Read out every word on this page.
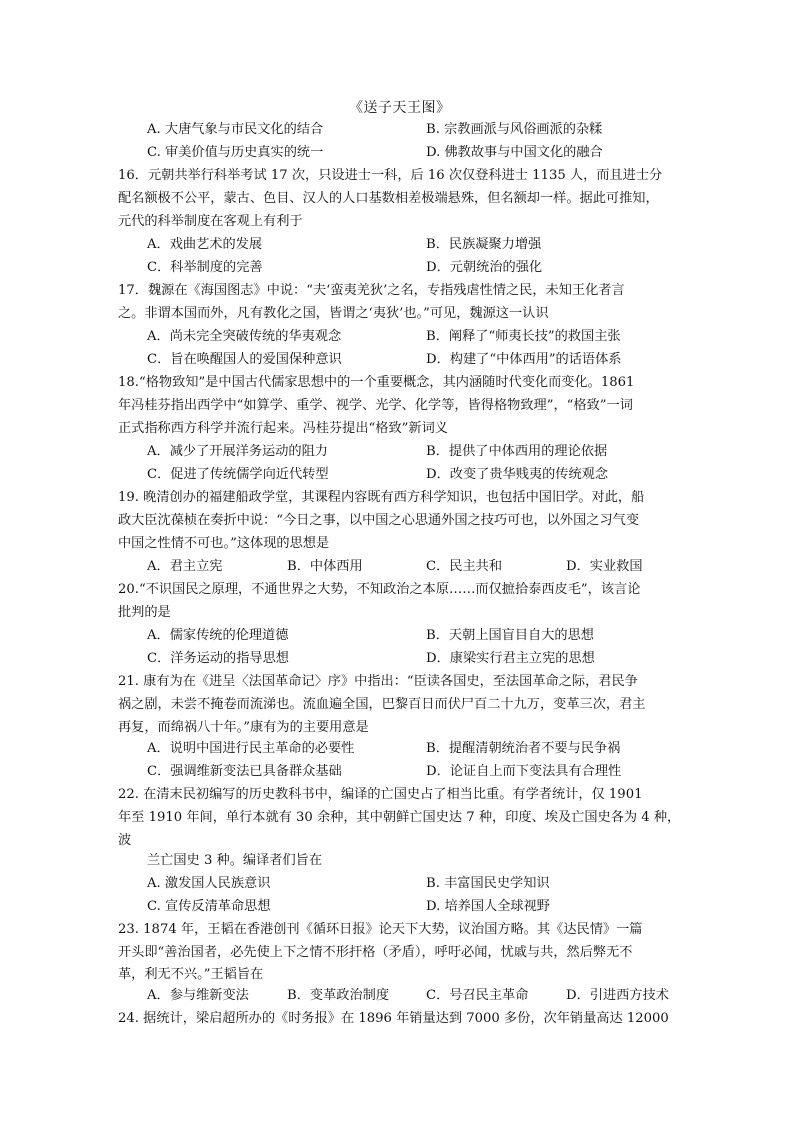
《送子天王图》
A. 大唐气象与市民文化的结合	B. 宗教画派与风俗画派的杂糅
C. 审美价值与历史真实的统一	D. 佛教故事与中国文化的融合
16．元朝共举行科举考试 17 次，只设进士一科，后 16 次仅登科进士 1135 人，而且进士分
配名额极不公平，蒙古、色目、汉人的人口基数相差极端悬殊，但名额却一样。据此可推知，
元代的科举制度在客观上有利于
A．戏曲艺术的发展	B．民族凝聚力增强
C．科举制度的完善	D．元朝统治的强化
17．魏源在《海国图志》中说：“夫‘蛮夷羌狄’之名，专指残虐性情之民，未知王化者言
之。非谓本国而外，凡有教化之国，皆谓之‘夷狄’也。”可见，魏源这一认识
A．尚未完全突破传统的华夷观念	B．阐释了“师夷长技”的救国主张
C．旨在唤醒国人的爱国保种意识	D．构建了“中体西用”的话语体系
18.“格物致知”是中国古代儒家思想中的一个重要概念，其内涵随时代变化而变化。1861
年冯桂芬指出西学中“如算学、重学、视学、光学、化学等，皆得格物致理”，“格致”一词
正式指称西方科学并流行起来。冯桂芬提出“格致”新词义
A．减少了开展洋务运动的阻力	B．提供了中体西用的理论依据
C．促进了传统儒学向近代转型	D．改变了贵华贱夷的传统观念
19. 晚清创办的福建船政学堂，其课程内容既有西方科学知识，也包括中国旧学。对此，船
政大臣沈葆桢在奏折中说：“今日之事，以中国之心思通外国之技巧可也，以外国之习气变
中国之性情不可也。”这体现的思想是
A．君主立宪	B．中体西用	C．民主共和	D．实业救国
20.“不识国民之原理，不通世界之大势，不知政治之本原……而仅摭拾泰西皮毛”，该言论
批判的是
A．儒家传统的伦理道德	B．天朝上国盲目自大的思想
C．洋务运动的指导思想	D．康梁实行君主立宪的思想
21. 康有为在《进呈〈法国革命记〉序》中指出：“臣读各国史，至法国革命之际，君民争
祸之剧，未尝不掩卷而流涕也。流血遍全国，巴黎百日而伏尸百二十九万，变革三次，君主
再复，而绵祸八十年。”康有为的主要用意是
A．说明中国进行民主革命的必要性	B．提醒清朝统治者不要与民争祸
C．强调维新变法已具备群众基础	D．论证自上而下变法具有合理性
22. 在清末民初编写的历史教科书中，编译的亡国史占了相当比重。有学者统计，仅 1901
年至 1910 年间，单行本就有 30 余种，其中朝鲜亡国史达 7 种，印度、埃及亡国史各为 4 种，
波
兰亡国史 3 种。编译者们旨在
A. 激发国人民族意识	B. 丰富国民史学知识
C. 宣传反清革命思想	D. 培养国人全球视野
23. 1874 年，王韬在香港创刊《循环日报》论天下大势，议治国方略。其《达民情》一篇
开头即“善治国者，必先使上下之情不形扞格（矛盾），呼吁必闻，忧戚与共，然后弊无不
革，利无不兴。”王韬旨在
A．参与维新变法	B．变革政治制度	C．号召民主革命	D．引进西方技术
24. 据统计，梁启超所办的《时务报》在 1896 年销量达到 7000 多份，次年销量高达 12000
